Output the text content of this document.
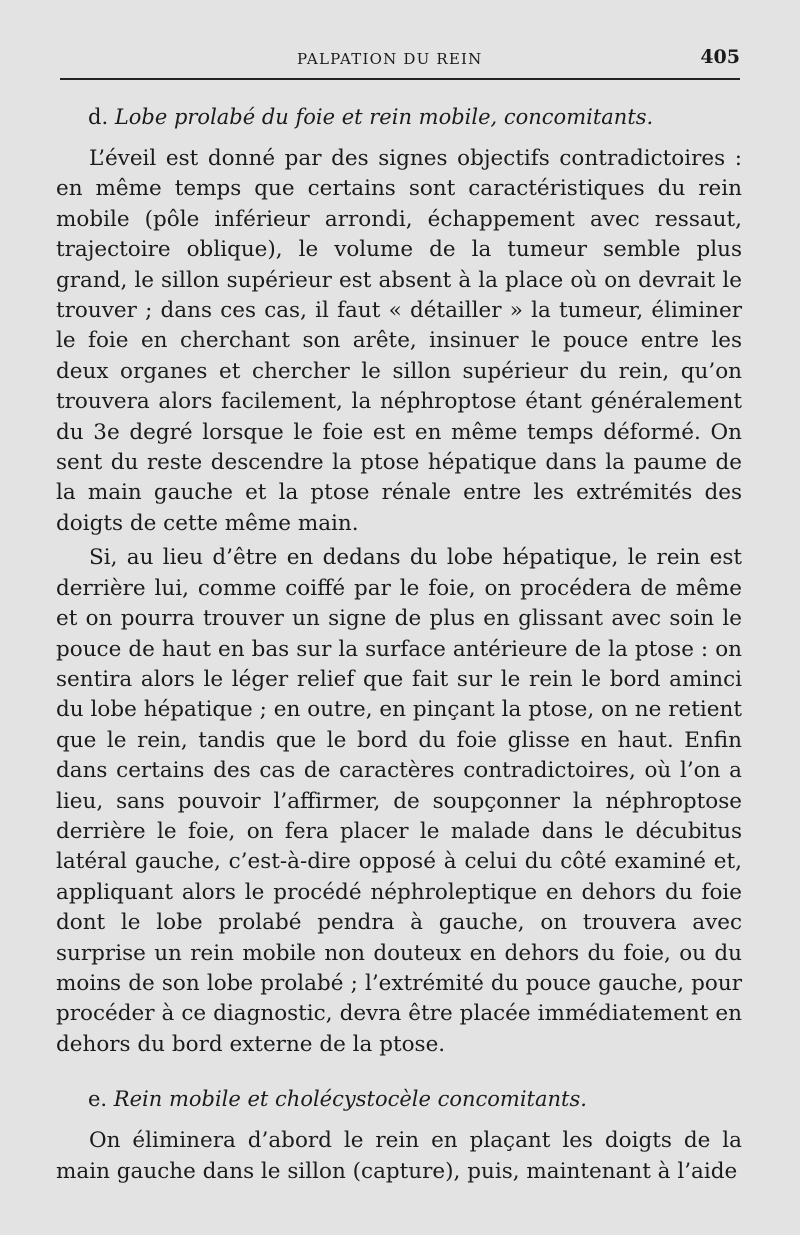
PALPATION DU REIN	405

d. Lobe prolabé du foie et rein mobile, concomitants.

L’éveil est donné par des signes objectifs contradictoires : en même temps que certains sont caractéristiques du rein mobile (pôle inférieur arrondi, échappement avec ressaut, trajectoire oblique), le volume de la tumeur semble plus grand, le sillon supérieur est absent à la place où on devrait le trouver ; dans ces cas, il faut « détailler » la tumeur, éliminer le foie en cherchant son arête, insinuer le pouce entre les deux organes et chercher le sillon supérieur du rein, qu’on trouvera alors facilement, la néphroptose étant généralement du 3e degré lorsque le foie est en même temps déformé. On sent du reste descendre la ptose hépatique dans la paume de la main gauche et la ptose rénale entre les extrémités des doigts de cette même main.

Si, au lieu d’être en dedans du lobe hépatique, le rein est derrière lui, comme coiffé par le foie, on procédera de même et on pourra trouver un signe de plus en glissant avec soin le pouce de haut en bas sur la surface antérieure de la ptose : on sentira alors le léger relief que fait sur le rein le bord aminci du lobe hépatique ; en outre, en pinçant la ptose, on ne retient que le rein, tandis que le bord du foie glisse en haut. Enfin dans certains des cas de caractères contradictoires, où l’on a lieu, sans pouvoir l’affirmer, de soupçonner la néphroptose derrière le foie, on fera placer le malade dans le décubitus latéral gauche, c’est-à-dire opposé à celui du côté examiné et, appliquant alors le procédé néphroleptique en dehors du foie dont le lobe prolabé pendra à gauche, on trouvera avec surprise un rein mobile non douteux en dehors du foie, ou du moins de son lobe prolabé ; l’extrémité du pouce gauche, pour procéder à ce diagnostic, devra être placée immédiatement en dehors du bord externe de la ptose.

e. Rein mobile et cholécystocèle concomitants.

On éliminera d’abord le rein en plaçant les doigts de la main gauche dans le sillon (capture), puis, maintenant à l’aide
